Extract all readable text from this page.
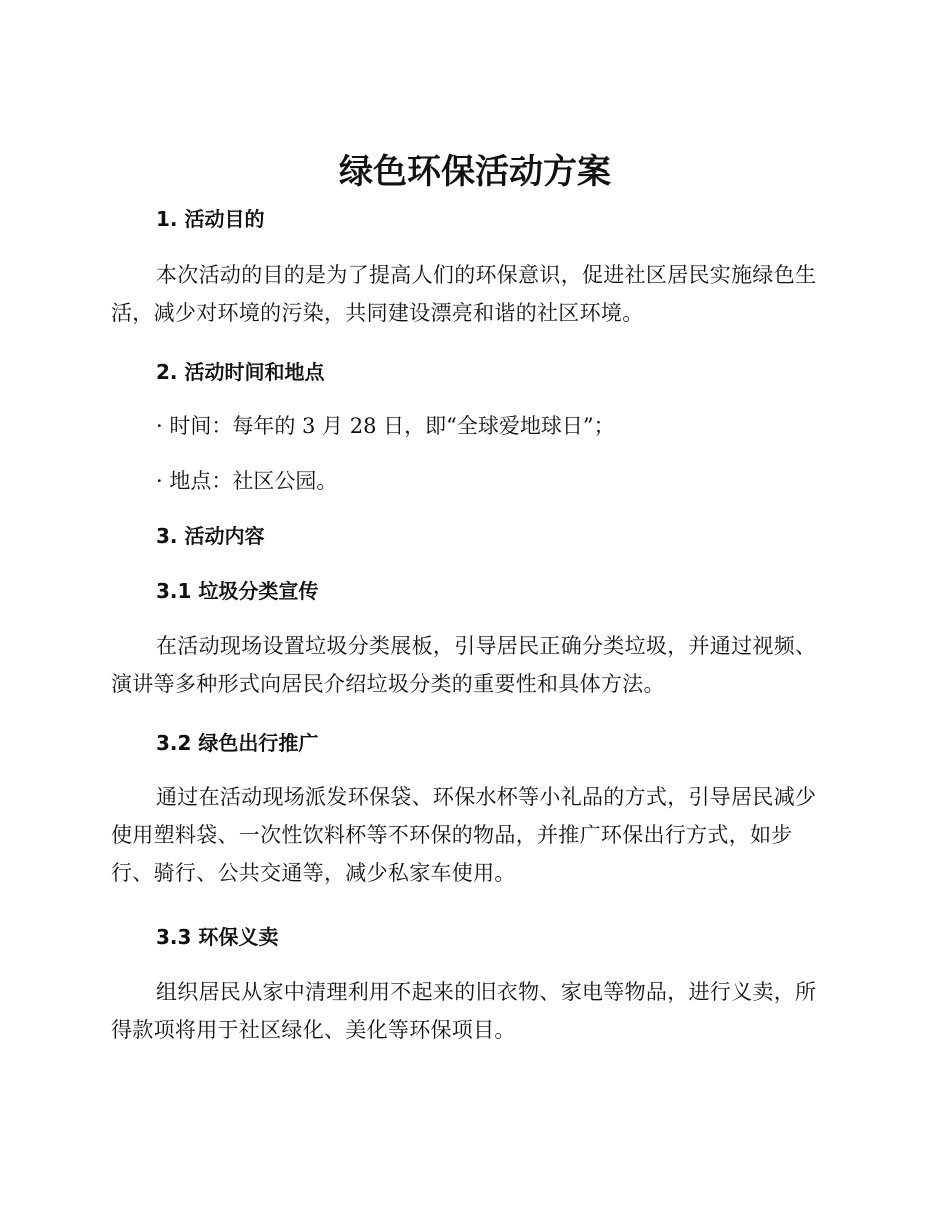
绿色环保活动方案
1. 活动目的

本次活动的目的是为了提高人们的环保意识，促进社区居民实施绿色生活，减少对环境的污染，共同建设漂亮和谐的社区环境。

2. 活动时间和地点

· 时间：每年的 3 月 28 日，即“全球爱地球日”；

· 地点：社区公园。

3. 活动内容
3.1 垃圾分类宣传

在活动现场设置垃圾分类展板，引导居民正确分类垃圾，并通过视频、演讲等多种形式向居民介绍垃圾分类的重要性和具体方法。

3.2 绿色出行推广

通过在活动现场派发环保袋、环保水杯等小礼品的方式，引导居民减少使用塑料袋、一次性饮料杯等不环保的物品，并推广环保出行方式，如步行、骑行、公共交通等，减少私家车使用。

3.3 环保义卖

组织居民从家中清理利用不起来的旧衣物、家电等物品，进行义卖，所得款项将用于社区绿化、美化等环保项目。
